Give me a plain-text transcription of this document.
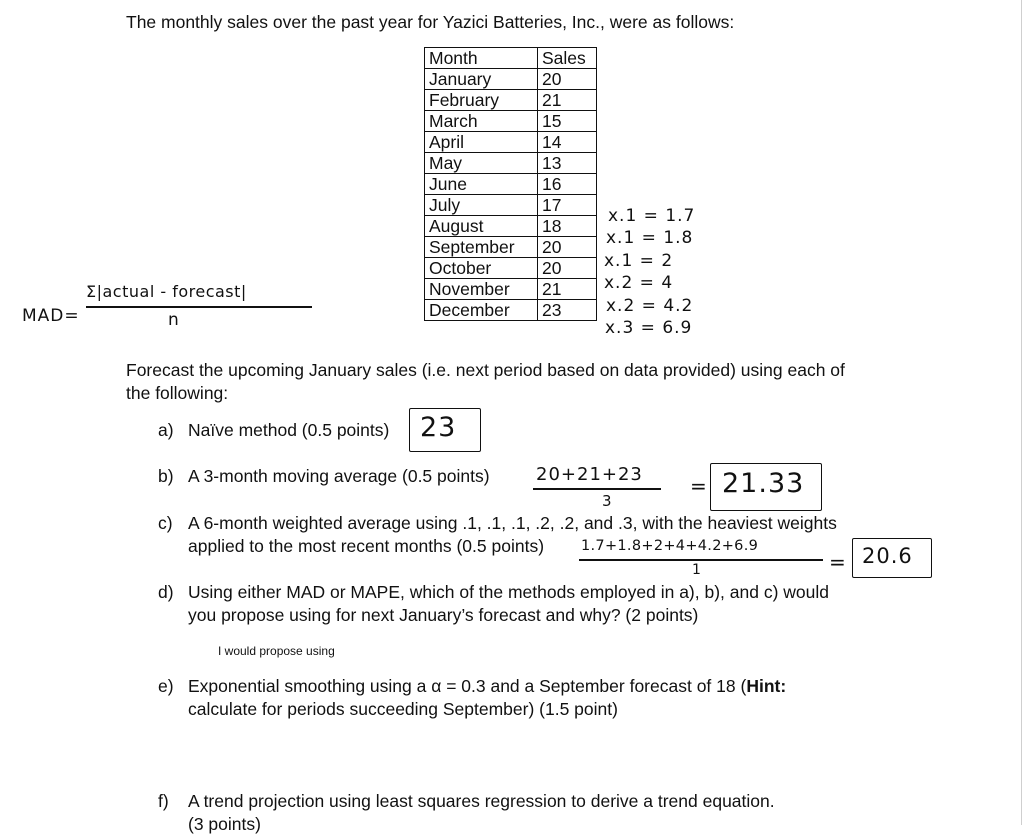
The monthly sales over the past year for Yazici Batteries, Inc., were as follows:
Month	Sales
January	20
February	21
March	15
April	14
May	13
June	16
July	17
August	18
September	20
October	20
November	21
December	23
x.1 = 1.7
x.1 = 1.8
x.1 = 2
x.2 = 4
x.2 = 4.2
x.3 = 6.9
MAD=
Σ|actual - forecast|
n
Forecast the upcoming January sales (i.e. next period based on data provided) using each of
the following:
a) Naïve method (0.5 points) 23
b) A 3-month moving average (0.5 points)	20+21+23
3
= 21.33
c) A 6-month weighted average using .1, .1, .1, .2, .2, and .3, with the heaviest weights
applied to the most recent months (0.5 points)	1.7+1.8+2+4+4.2+6.9
1	= 20.6
d) Using either MAD or MAPE, which of the methods employed in a), b), and c) would
you propose using for next January’s forecast and why? (2 points)
I would propose using
e) Exponential smoothing using a α = 0.3 and a September forecast of 18 (Hint:
calculate for periods succeeding September) (1.5 point)
f) A trend projection using least squares regression to derive a trend equation.
(3 points)
